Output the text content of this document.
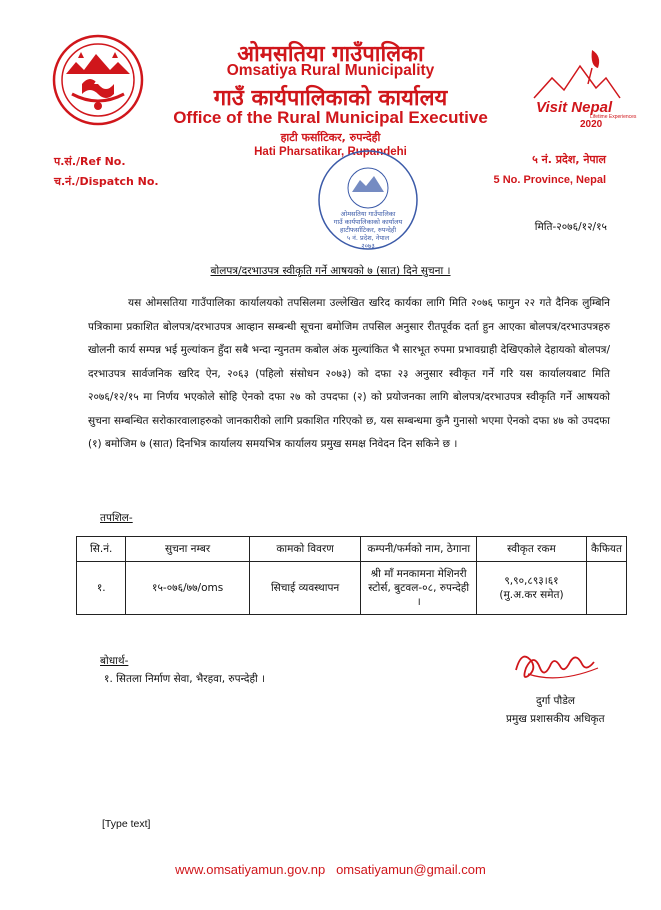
ओमसतिया गाउँपालिका
Omsatiya Rural Municipality
गाउँ कार्यपालिकाको कार्यालय
Office of the Rural Municipal Executive
हाटी फर्साटिकर, रुपन्देही
Hati Pharsatikar, Rupandehi
प.सं./Ref No.
च.नं./Dispatch No.
५ नं. प्रदेश, नेपाल
5 No. Province, Nepal
Visit Nepal
2020
Lifetime Experiences
ओमसतिया गाउँपालिका
गाउँ कार्यपालिकाको कार्यालय
हाटीफर्साटिकर, रुपन्देही
५ नं. प्रदेश, नेपाल
२०७३
मिति-२०७६/१२/१५
बोलपत्र/दरभाउपत्र स्वीकृति गर्ने आषयको ७ (सात) दिने सुचना ।

यस ओमसतिया गाउँपालिका कार्यालयको तपसिलमा उल्लेखित खरिद कार्यका लागि मिति २०७६ फागुन २२ गते दैनिक लुम्बिनि पत्रिकामा प्रकाशित बोलपत्र/दरभाउपत्र आव्हान सम्बन्धी सूचना बमोजिम तपसिल अनुसार रीतपूर्वक दर्ता हुन आएका बोलपत्र/दरभाउपत्रहरु खोलनी कार्य सम्पन्न भई मुल्यांकन हुँदा सबै भन्दा न्युनतम कबोल अंक मुल्यांकित भै सारभूत रुपमा प्रभावग्राही देखिएकोले देहायको बोलपत्र/दरभाउपत्र सार्वजनिक खरिद ऐन, २०६३ (पहिलो संसोधन २०७३) को दफा २३ अनुसार स्वीकृत गर्ने गरि यस कार्यालयबाट मिति २०७६/१२/१५ मा निर्णय भएकोले सोहि ऐनको दफा २७ को उपदफा (२) को प्रयोजनका लागि बोलपत्र/दरभाउपत्र स्वीकृति गर्ने आषयको सुचना सम्बन्धित सरोकारवालाहरुको जानकारीको लागि प्रकाशित गरिएको छ, यस सम्बन्धमा कुनै गुनासो भएमा ऐनको दफा ४७ को उपदफा (१) बमोजिम ७ (सात) दिनभित्र कार्यालय समयभित्र कार्यालय प्रमुख समक्ष निवेदन दिन सकिने छ ।

तपशिल-
सि.नं.	सुचना नम्बर	कामको विवरण	कम्पनी/फर्मको नाम, ठेगाना	स्वीकृत रकम	कैफियत
१.	१५-०७६/७७/oms	सिचाई व्यवस्थापन	श्री माँ मनकामना मेशिनरी स्टोर्स, बुटवल-०८, रुपन्देही ।	९,९०,८९३।६१
(मु.अ.कर समेत)	

बोधार्थ-
१. सितला निर्माण सेवा, भैरहवा, रुपन्देही ।
दुर्गा पौडेल
प्रमुख प्रशासकीय अधिकृत
[Type text]
www.omsatiyamun.gov.np omsatiyamun@gmail.com
